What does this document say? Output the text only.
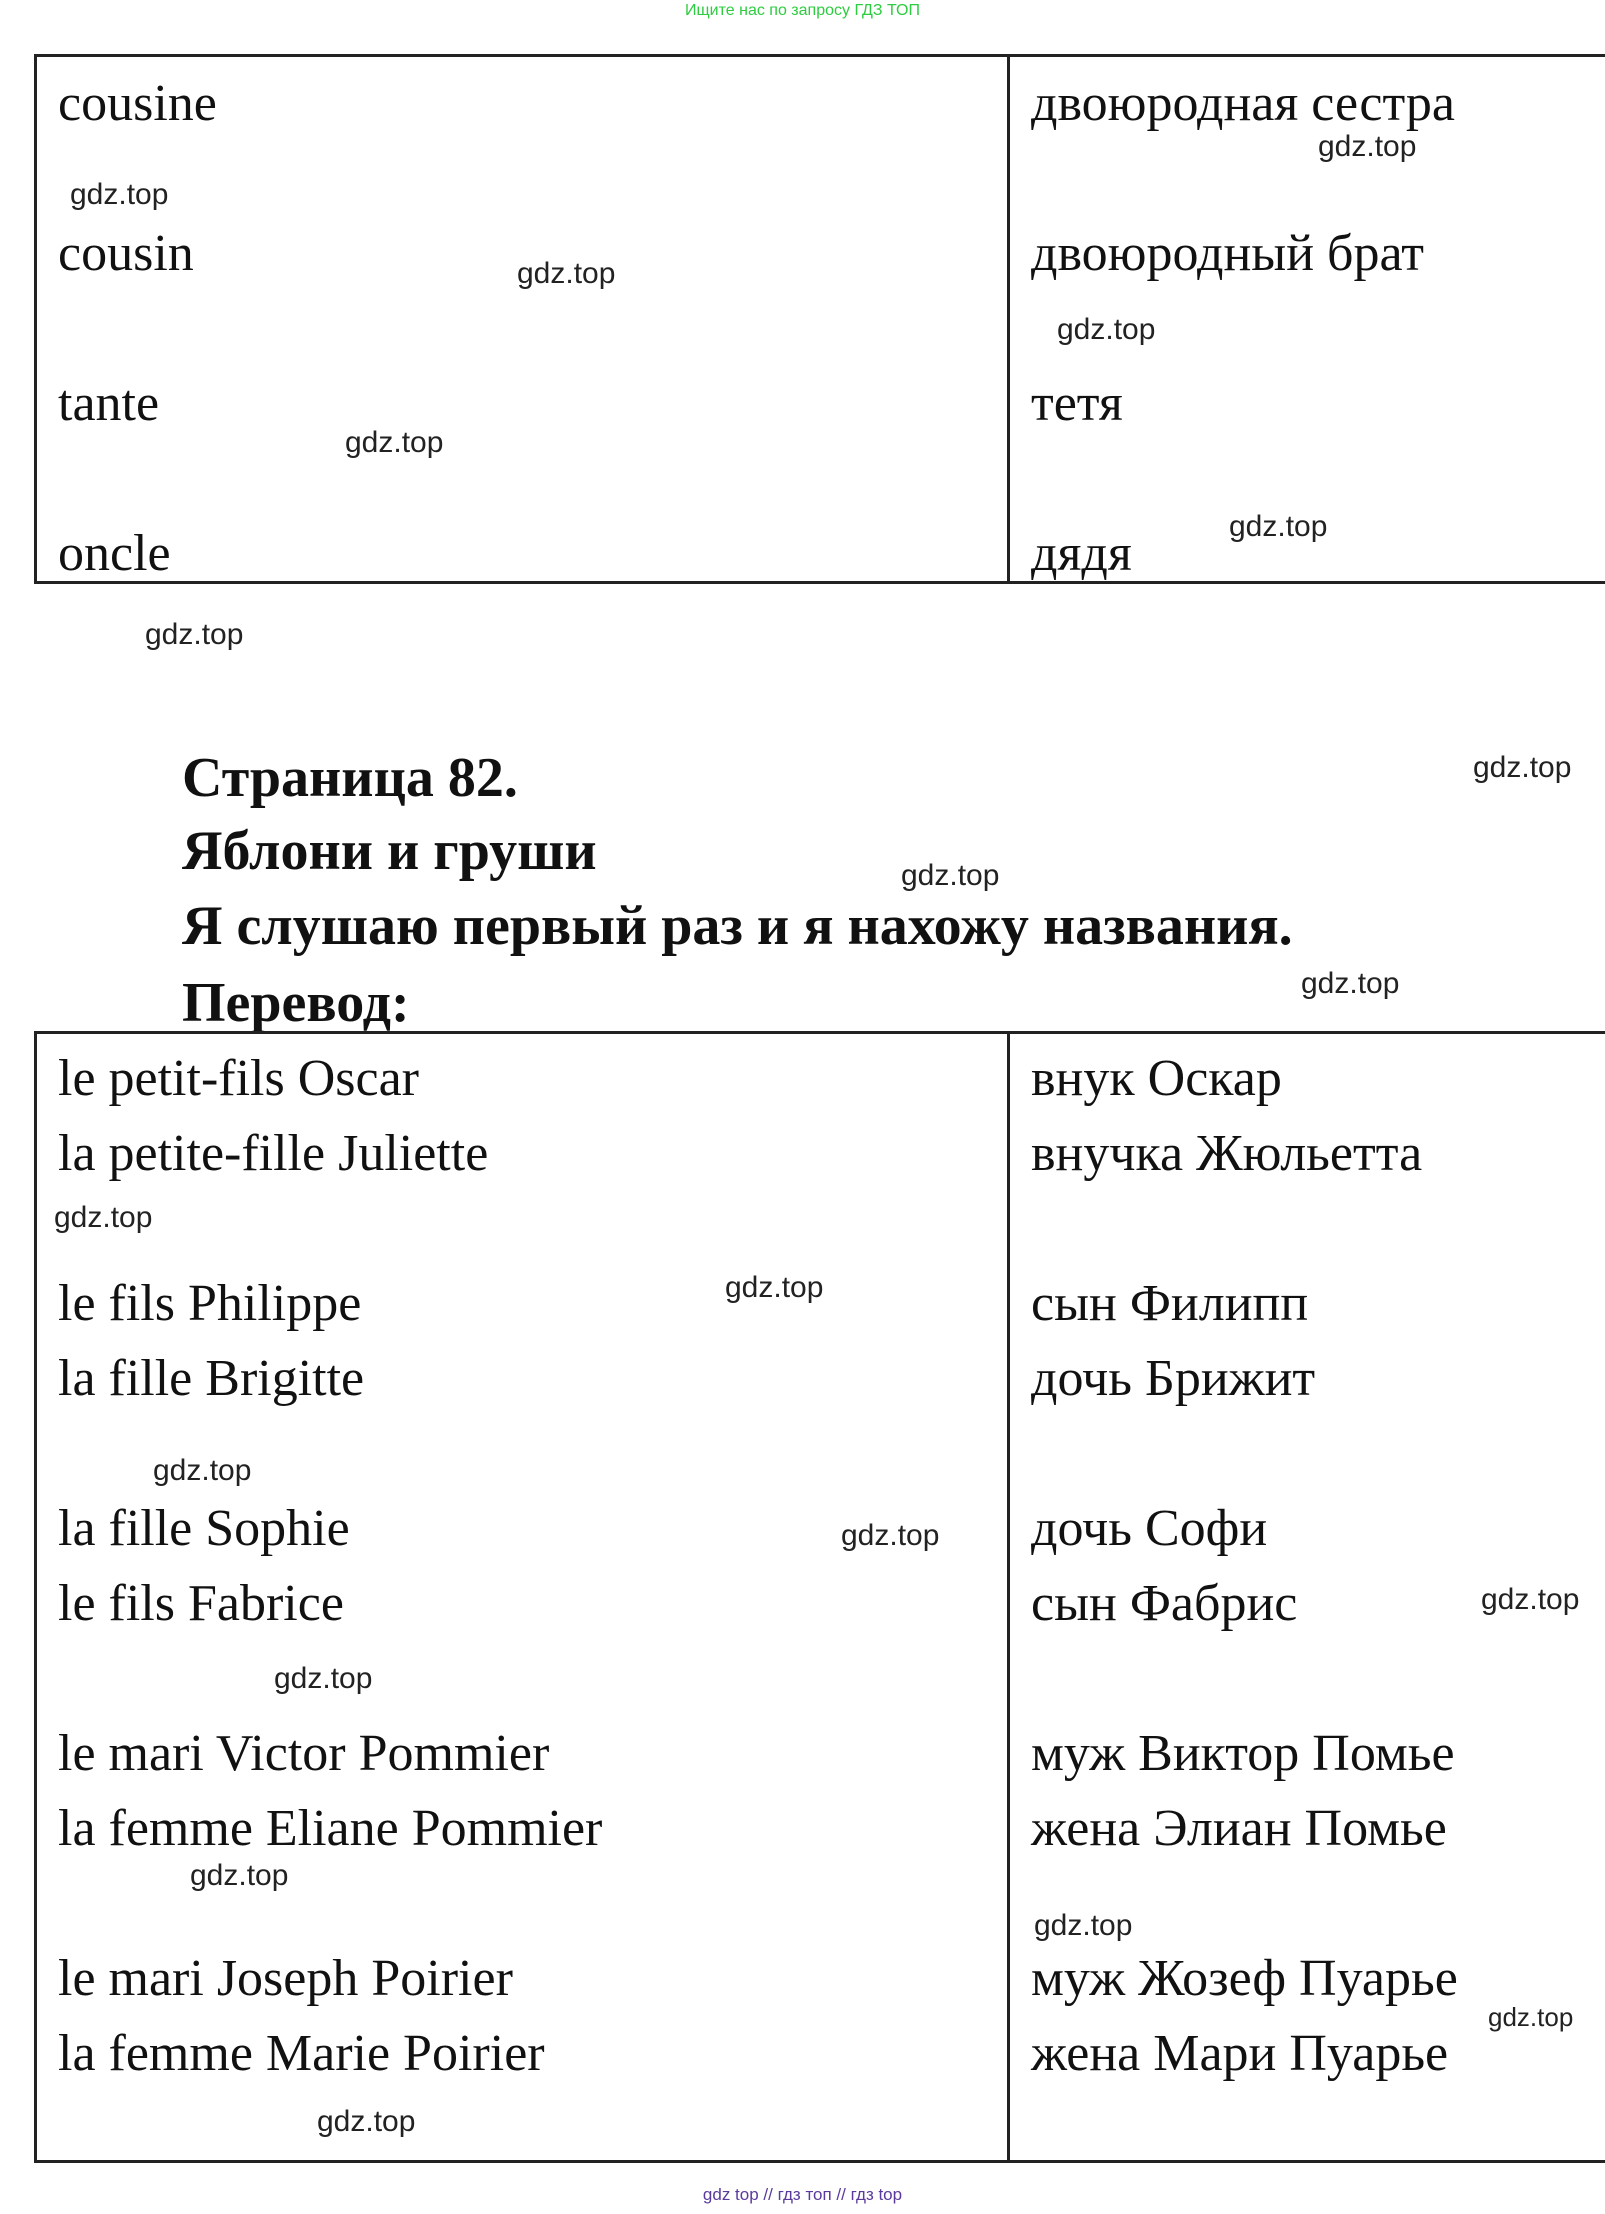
Ищите нас по запросу ГДЗ ТОП
cousine
cousin
tante
oncle
двоюродная сестра
двоюродный брат
тетя
дядя
Страница 82.
Яблони и груши
Я слушаю первый раз и я нахожу названия.
Перевод:
le petit-fils Oscar
la petite-fille Juliette
le fils Philippe
la fille Brigitte
la fille Sophie
le fils Fabrice
le mari Victor Pommier
la femme Eliane Pommier
le mari Joseph Poirier
la femme Marie Poirier
внук Оскар
внучка Жюльетта
сын Филипп
дочь Брижит
дочь Софи
сын Фабрис
муж Виктор Помье
жена Элиан Помье
муж Жозеф Пуарье
жена Мари Пуарье
gdz.top
gdz.top
gdz.top
gdz.top
gdz.top
gdz.top
gdz.top
gdz.top
gdz.top
gdz.top
gdz.top
gdz.top
gdz.top
gdz.top
gdz.top
gdz.top
gdz.top
gdz.top
gdz.top
gdz.top
gdz top // гдз топ // гдз top
